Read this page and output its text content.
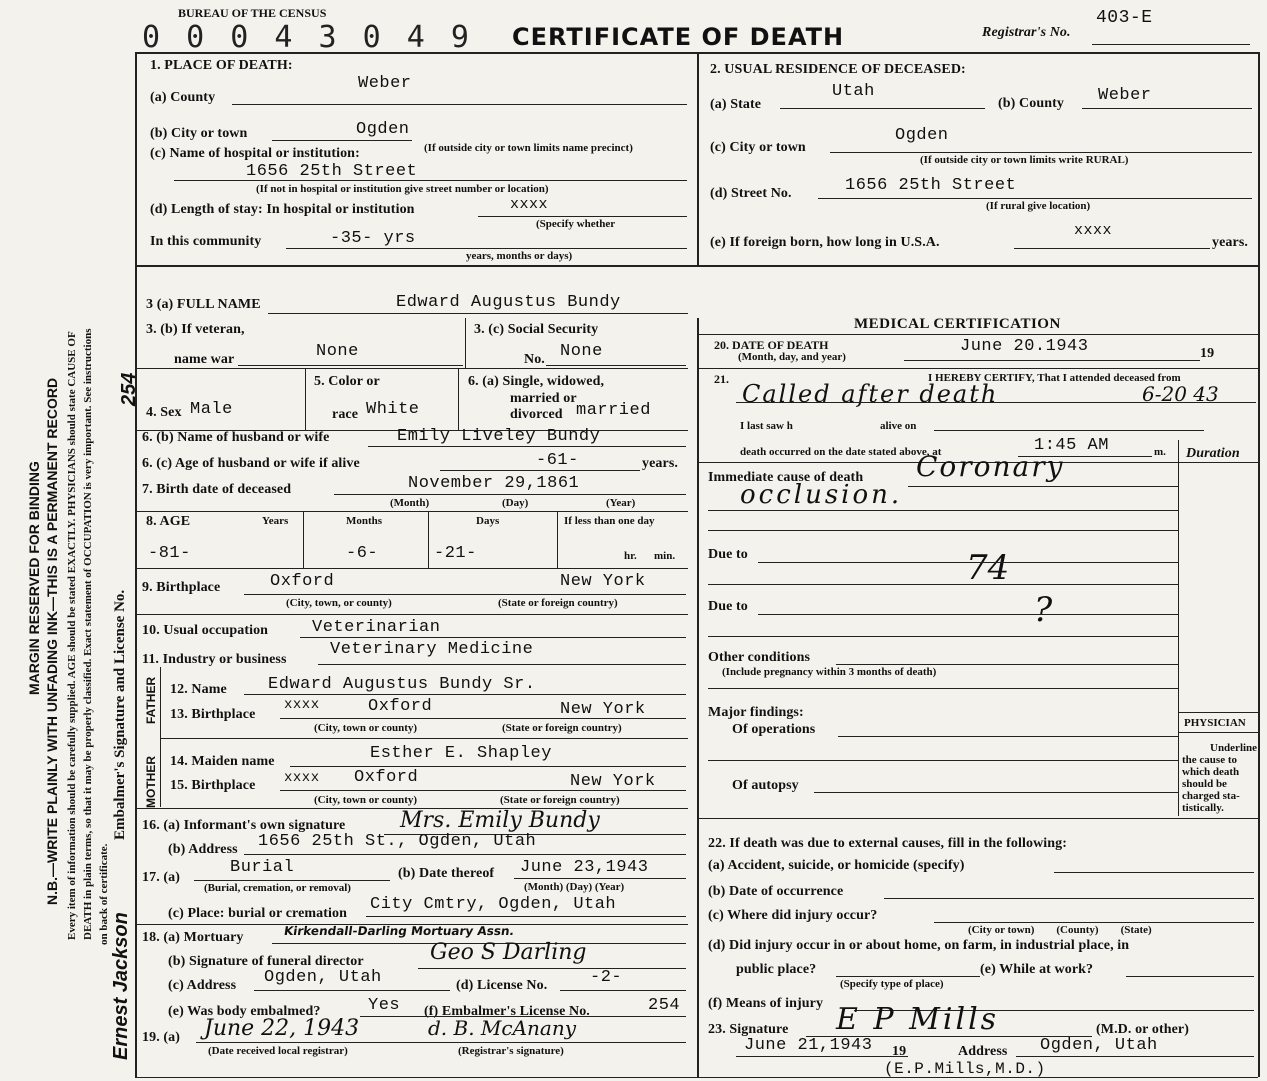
MARGIN RESERVED FOR BINDING N.B.—WRITE PLAINLY WITH UNFADING INK—THIS IS A PERMANENT RECORD Every item of information should be carefully supplied. AGE should be stated EXACTLY. PHYSICIANS should state CAUSE OF DEATH in plain terms, so that it may be properly classified. Exact statement of OCCUPATION is very important. See instructions on back of certificate.
Embalmer's Signature and License No.
254
Ernest Jackson
BUREAU OF THE CENSUS
0 0 0 4 3 0 4 9 CERTIFICATE OF DEATH	Registrar's No.
403-E
1. PLACE OF DEATH:
(a) County
Weber
(b) City or town	Ogden
(If outside city or town limits name precinct)
(c) Name of hospital or institution:
1656 25th Street
(If not in hospital or institution give street number or location)
(d) Length of stay: In hospital or institution	xxxx
(Specify whether
In this community	-35- yrs
years, months or days)
2. USUAL RESIDENCE OF DECEASED:
(a) State
Utah
(b) County Weber
(c) City or town
Ogden
(If outside city or town limits write RURAL)
(d) Street No.	1656 25th Street
(If rural give location)
(e) If foreign born, how long in U.S.A.
xxxx
years.
3 (a) FULL NAME	Edward Augustus Bundy
3. (b) If veteran,
name war	None
3. (c) Social Security
No. None
4. Sex Male
5. Color or
race White
6. (a) Single, widowed,
married or
divorced married
6. (b) Name of husband or wife	Emily Liveley Bundy
6. (c) Age of husband or wife if alive	-61-	years.
7. Birth date of deceased	November 29,1861
(Month)	(Day)	(Year)
8. AGE	Years	Months	Days	If less than one day
-81-	-6-	-21-	hr. min.
9. Birthplace	Oxford	New York
(City, town, or county)	(State or foreign country)
10. Usual occupation	Veterinarian
11. Industry or business
Veterinary Medicine
FATHER
MOTHER
12. Name Edward Augustus Bundy Sr.
13. Birthplace
xxxx	Oxford	New York
(City, town or county)	(State or foreign country)
14. Maiden name	Esther E. Shapley
15. Birthplace xxxx Oxford	New York
(City, town or county)	(State or foreign country)
16. (a) Informant's own signature Mrs. Emily Bundy
(b) Address 1656 25th St., Ogden, Utah
17. (a)
Burial
(Burial, cremation, or removal)
(b) Date thereof June 23,1943
(Month) (Day) (Year)
(c) Place: burial or cremation City Cmtry, Ogden, Utah
18. (a) Mortuary	Kirkendall-Darling Mortuary Assn.
(b) Signature of funeral director	Geo S Darling
(c) Address Ogden, Utah	(d) License No.	-2-
(e) Was body embalmed?	Yes (f) Embalmer's License No.	254
19. (a) June 22, 1943
(Date received local registrar)
d. B. McAnany
(Registrar's signature)
MEDICAL CERTIFICATION
20. DATE OF DEATH
(Month, day, and year)
June 20.1943	19
21.	I HEREBY CERTIFY, That I attended deceased from
Called after death	6-20 43
I last saw h	alive on
death occurred on the date stated above, at	1:45 AM	m. Duration
Immediate cause of death Coronary
occlusion.
Due to	74
Due to	?
Other conditions
(Include pregnancy within 3 months of death)
Major findings:
Of operations
Of autopsy
PHYSICIAN
Underline
the cause to
which death
should be
charged sta-
tistically.
22. If death was due to external causes, fill in the following:
(a) Accident, suicide, or homicide (specify)
(b) Date of occurrence
(c) Where did injury occur?
(City or town)        (County)        (State)
(d) Did injury occur in or about home, on farm, in industrial place, in
public place?
(Specify type of place)
(e) While at work?
(f) Means of injury
23. Signature E P Mills	(M.D. or other)
June 21,1943 19	Address Ogden, Utah
(E.P.Mills,M.D.)
